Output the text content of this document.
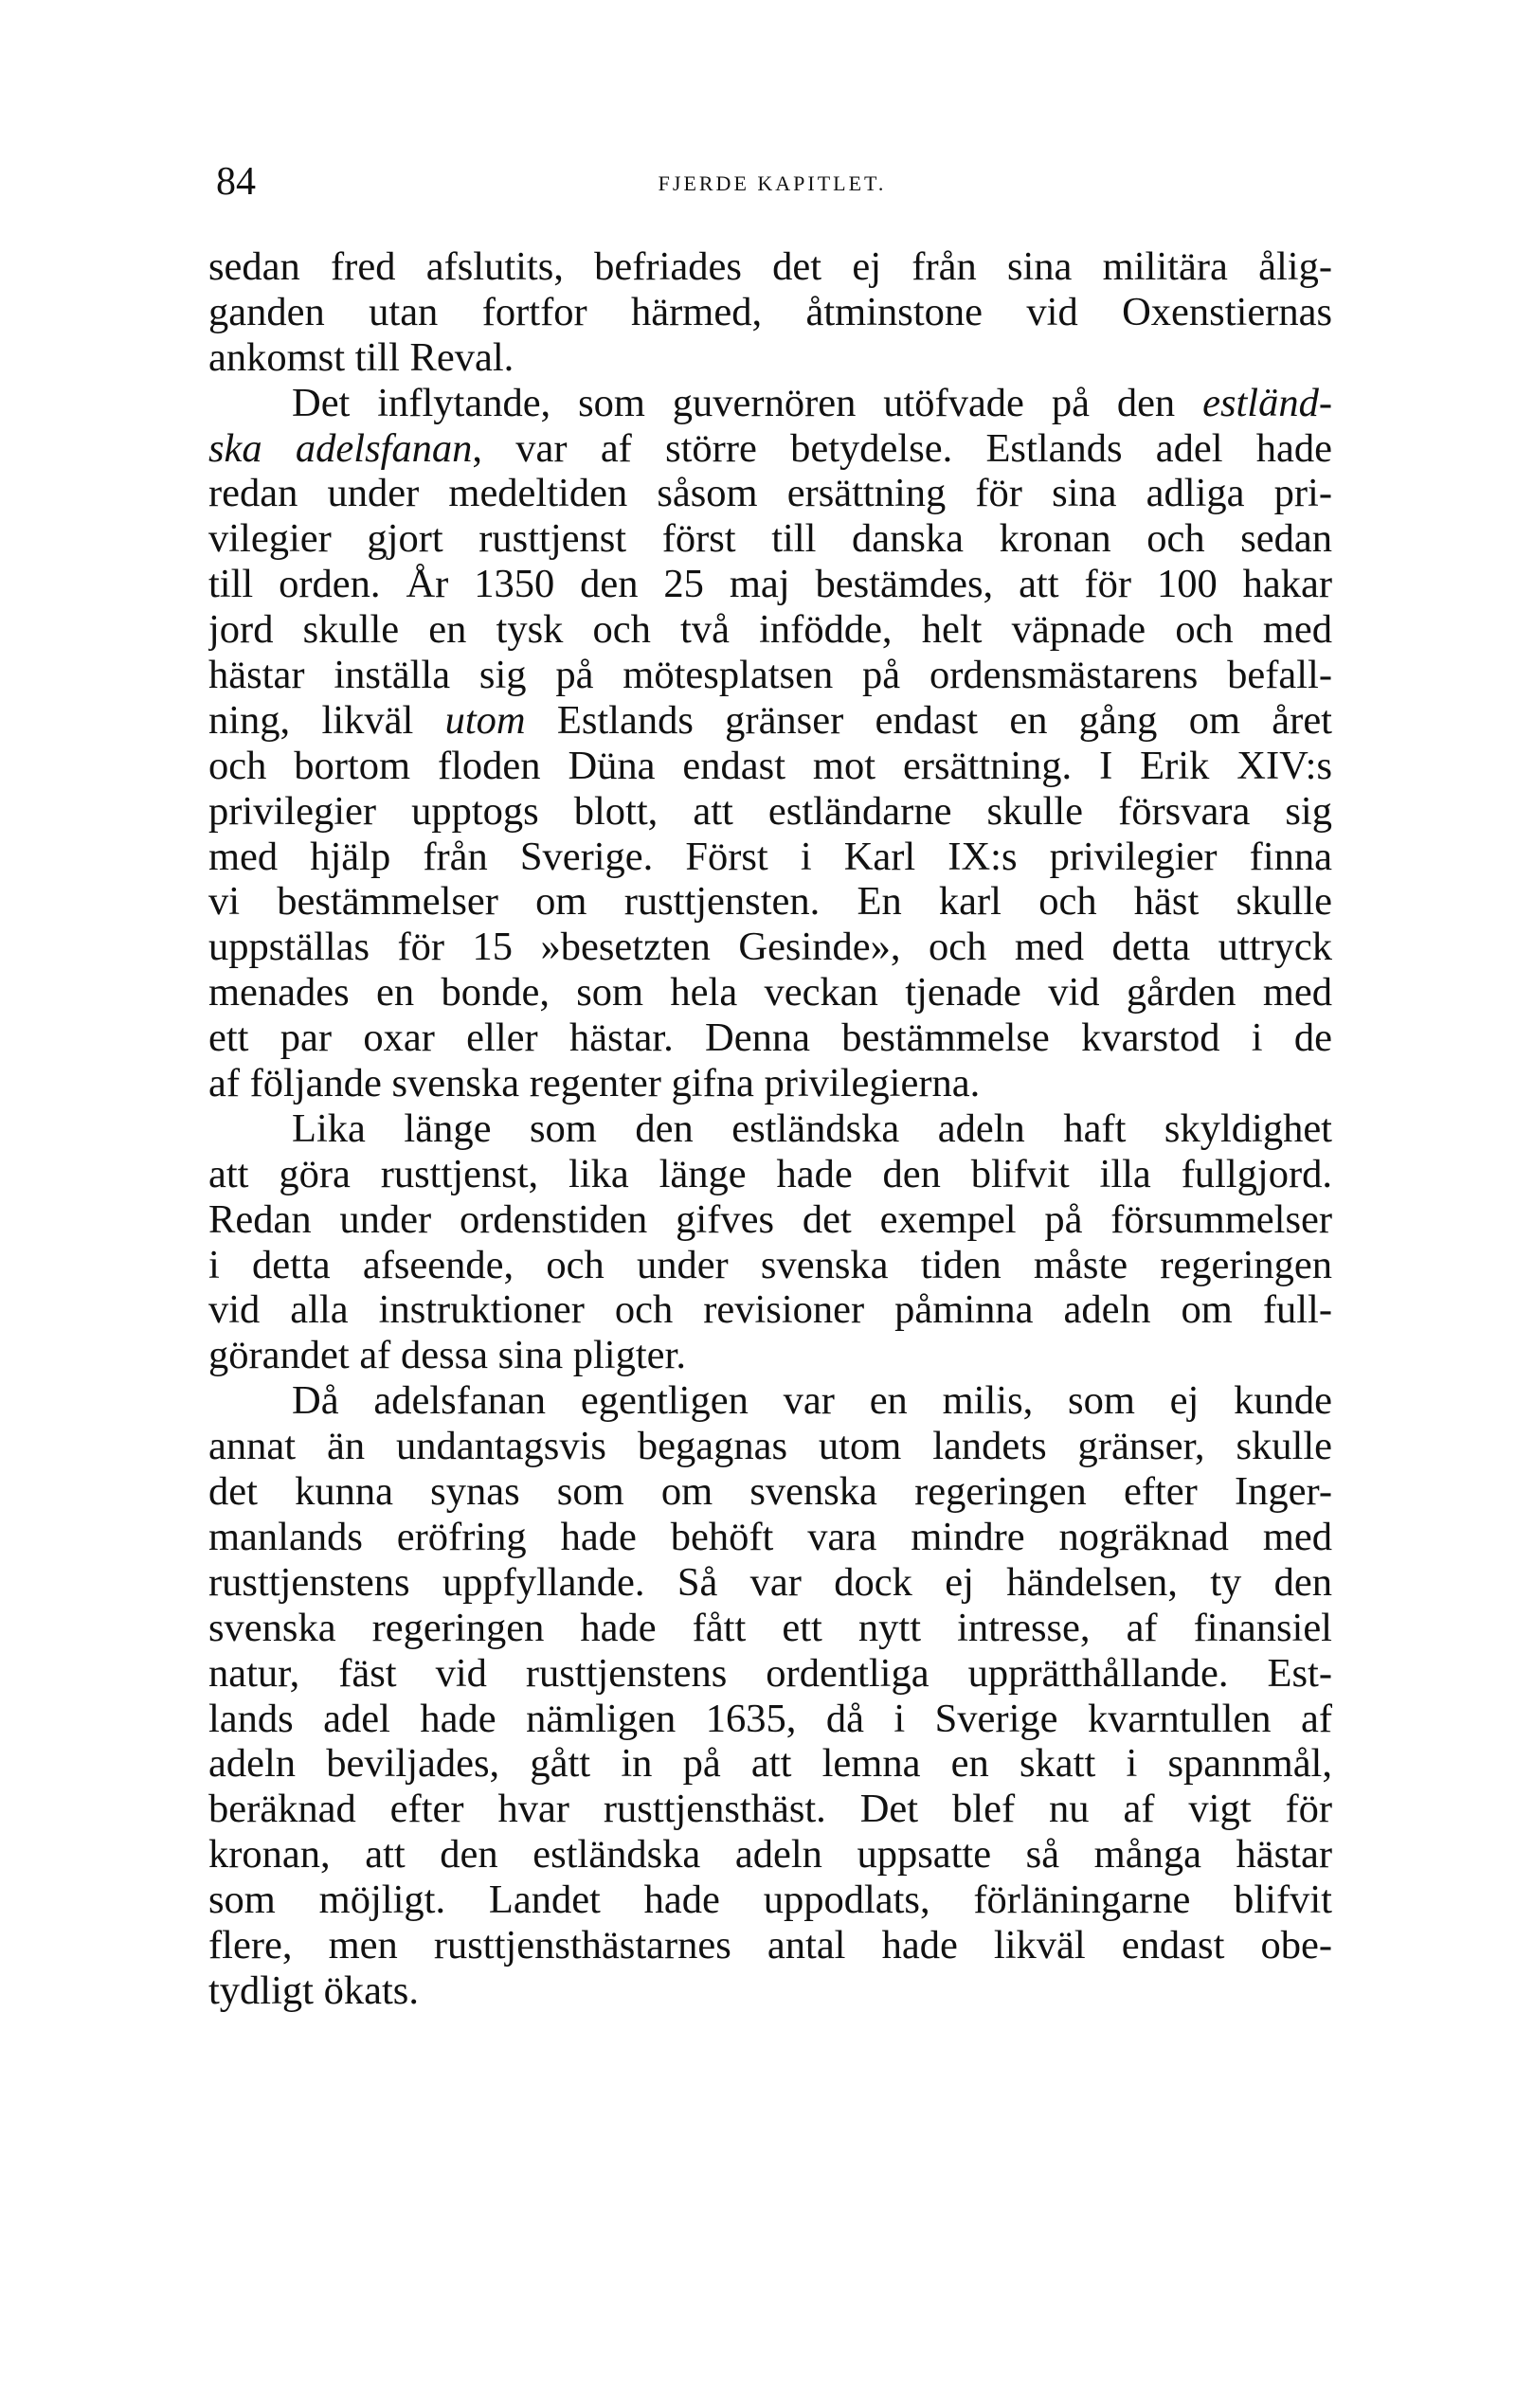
84	FJERDE KAPITLET.
sedan fred afslutits, befriades det ej från sina militära ålig-
ganden utan fortfor härmed, åtminstone vid Oxenstiernas
ankomst till Reval.
Det inflytande, som guvernören utöfvade på den estländ-
ska adelsfanan, var af större betydelse. Estlands adel hade
redan under medeltiden såsom ersättning för sina adliga pri-
vilegier gjort rusttjenst först till danska kronan och sedan
till orden. År 1350 den 25 maj bestämdes, att för 100 hakar
jord skulle en tysk och två infödde, helt väpnade och med
hästar inställa sig på mötesplatsen på ordensmästarens befall-
ning, likväl utom Estlands gränser endast en gång om året
och bortom floden Düna endast mot ersättning. I Erik XIV:s
privilegier upptogs blott, att estländarne skulle försvara sig
med hjälp från Sverige. Först i Karl IX:s privilegier finna
vi bestämmelser om rusttjensten. En karl och häst skulle
uppställas för 15 »besetzten Gesinde», och med detta uttryck
menades en bonde, som hela veckan tjenade vid gården med
ett par oxar eller hästar. Denna bestämmelse kvarstod i de
af följande svenska regenter gifna privilegierna.
Lika länge som den estländska adeln haft skyldighet
att göra rusttjenst, lika länge hade den blifvit illa fullgjord.
Redan under ordenstiden gifves det exempel på försummelser
i detta afseende, och under svenska tiden måste regeringen
vid alla instruktioner och revisioner påminna adeln om full-
görandet af dessa sina pligter.
Då adelsfanan egentligen var en milis, som ej kunde
annat än undantagsvis begagnas utom landets gränser, skulle
det kunna synas som om svenska regeringen efter Inger-
manlands eröfring hade behöft vara mindre nogräknad med
rusttjenstens uppfyllande. Så var dock ej händelsen, ty den
svenska regeringen hade fått ett nytt intresse, af finansiel
natur, fäst vid rusttjenstens ordentliga upprätthållande. Est-
lands adel hade nämligen 1635, då i Sverige kvarntullen af
adeln beviljades, gått in på att lemna en skatt i spannmål,
beräknad efter hvar rusttjensthäst. Det blef nu af vigt för
kronan, att den estländska adeln uppsatte så många hästar
som möjligt. Landet hade uppodlats, förläningarne blifvit
flere, men rusttjensthästarnes antal hade likväl endast obe-
tydligt ökats.
